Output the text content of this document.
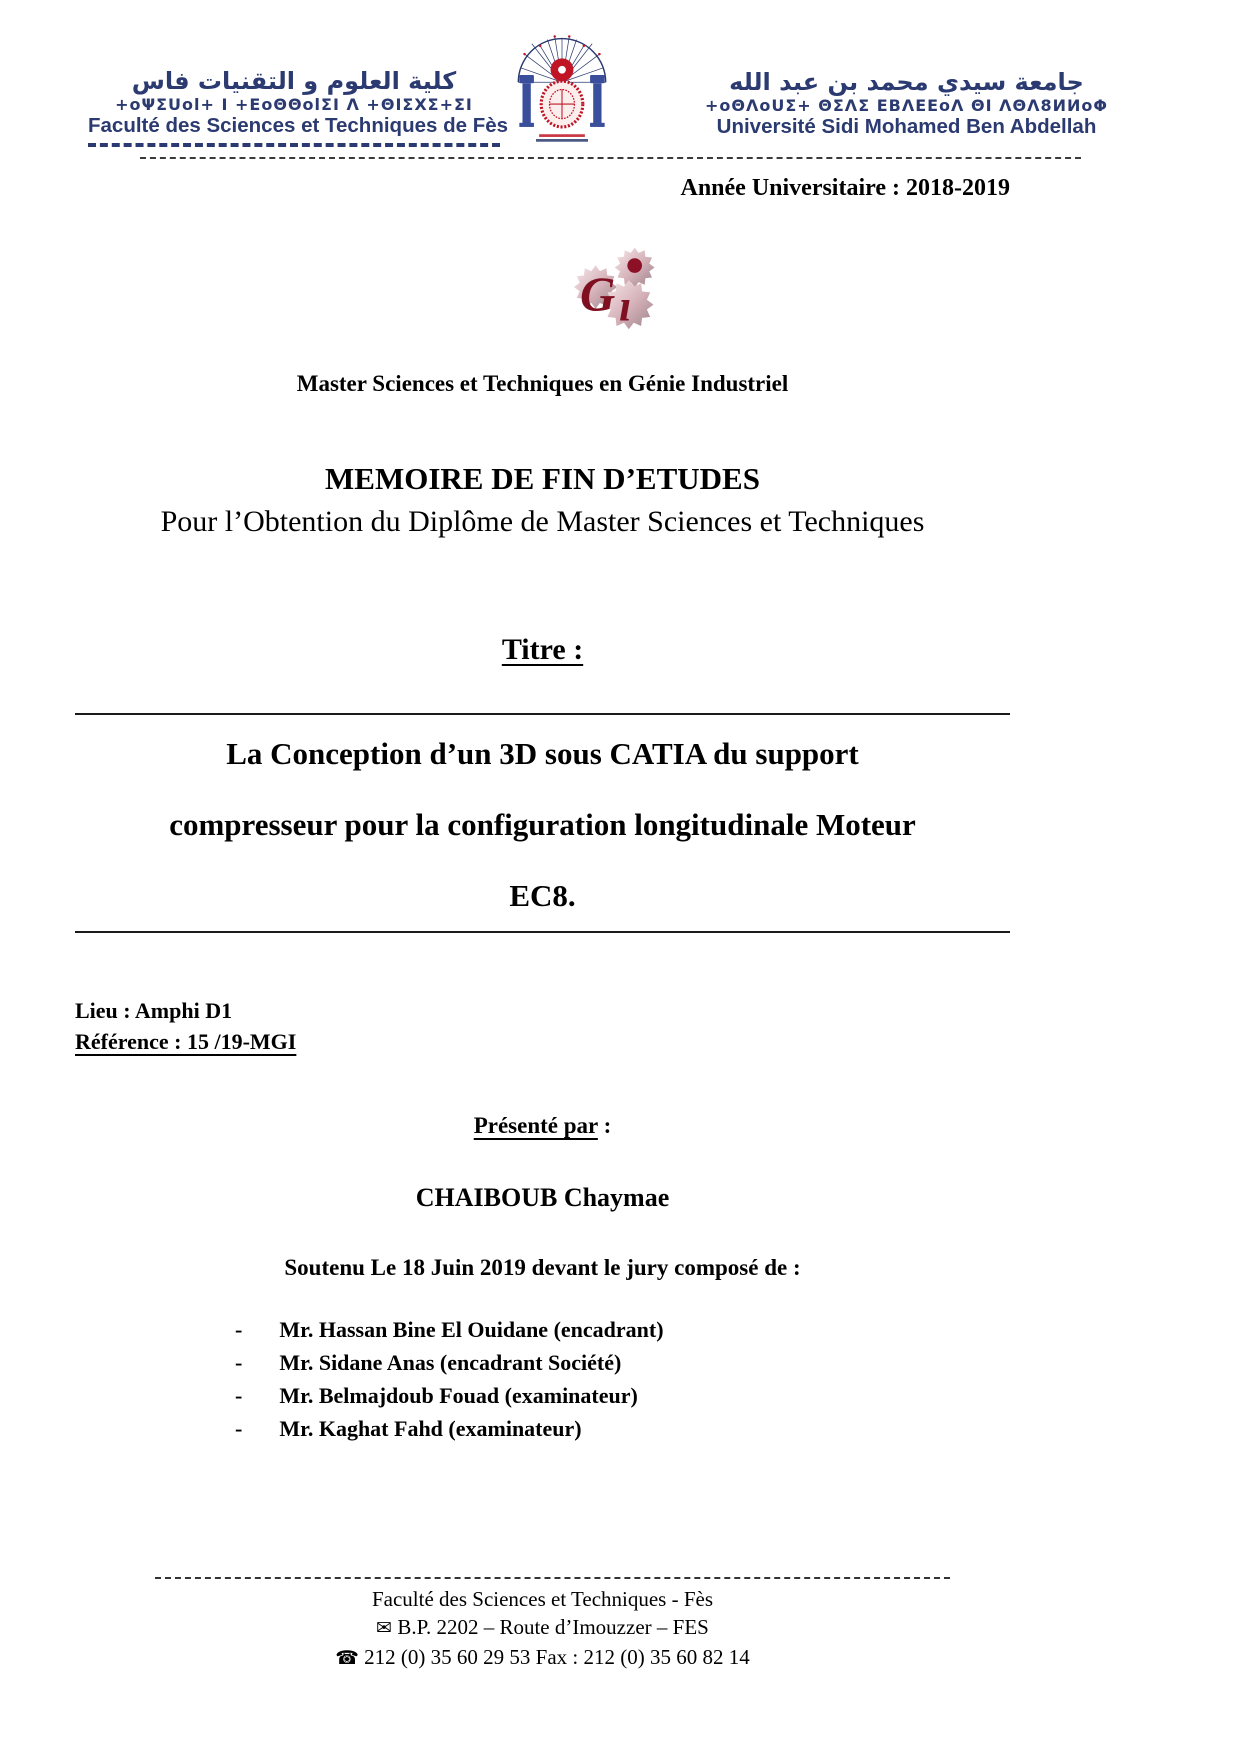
كلية العلوم و التقنيات فاس
+oΨΣUol+ Ι +ΕoΘΘolΣΙ Λ +ΘΙΣΧΣ+ΣΙ
Faculté des Sciences et Techniques de Fès
جامعة سيدي محمد بن عبد الله
+oΘΛoUΣ+ ΘΣΛΣ ΕΒΛΕΕoΛ ΘΙ ΛΘΛ8ИИoΦ
Université Sidi Mohamed Ben Abdellah
Année Universitaire : 2018-2019
G ı
Master Sciences et Techniques en Génie Industriel
MEMOIRE DE FIN D’ETUDES
Pour l’Obtention du Diplôme de Master Sciences et Techniques
Titre :
La Conception d’un 3D sous CATIA du support
compresseur pour la configuration longitudinale Moteur
EC8.
Lieu : Amphi D1
Référence : 15 /19-MGI
Présenté par :
CHAIBOUB Chaymae
Soutenu Le 18 Juin 2019 devant le jury composé de :
- Mr. Hassan Bine El Ouidane (encadrant)
- Mr. Sidane Anas (encadrant Société)
- Mr. Belmajdoub Fouad (examinateur)
- Mr. Kaghat Fahd (examinateur)
Faculté des Sciences et Techniques - Fès
✉ B.P. 2202 – Route d’Imouzzer – FES
☎ 212 (0) 35 60 29 53 Fax : 212 (0) 35 60 82 14
